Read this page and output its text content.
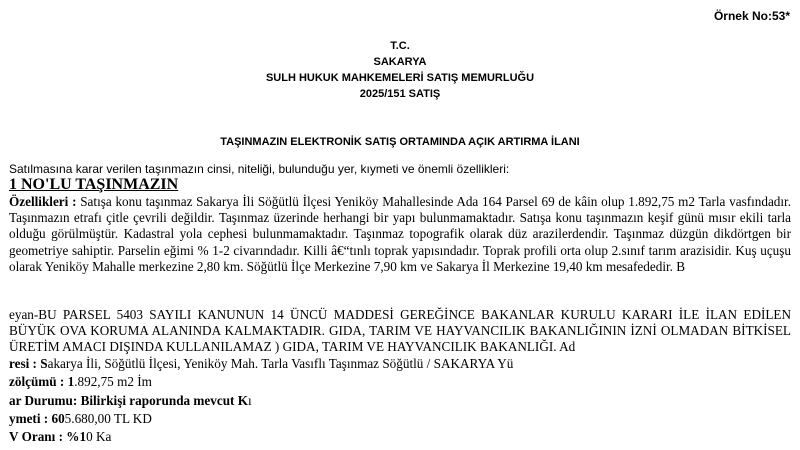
Örnek No:53*
T.C.
SAKARYA
SULH HUKUK MAHKEMELERİ SATIŞ MEMURLUĞU
2025/151 SATIŞ
TAŞINMAZIN ELEKTRONİK SATIŞ ORTAMINDA AÇIK ARTIRMA İLANI
Satılmasına karar verilen taşınmazın cinsi, niteliği, bulunduğu yer, kıymeti ve önemli özellikleri:
1 NO'LU TAŞINMAZIN
Özellikleri : Satışa konu taşınmaz Sakarya İli Söğütlü İlçesi Yeniköy Mahallesinde Ada 164 Parsel 69 de kâin olup 1.892,75 m2 Tarla vasfındadır. Taşınmazın etrafı çitle çevrili değildir. Taşınmaz üzerinde herhangi bir yapı bulunmamaktadır. Satışa konu taşınmazın keşif günü mısır ekili tarla olduğu görülmüştür. Kadastral yola cephesi bulunmamaktadır. Taşınmaz topografik olarak düz arazilerdendir. Taşınmaz düzgün dikdörtgen bir geometriye sahiptir. Parselin eğimi % 1-2 civarındadır. Killi â€“tınlı toprak yapısındadır. Toprak profili orta olup 2.sınıf tarım arazisidir. Kuş uçuşu olarak Yeniköy Mahalle merkezine 2,80 km. Söğütlü İlçe Merkezine 7,90 km ve Sakarya İl Merkezine 19,40 km mesafededir. B
eyan-BU PARSEL 5403 SAYILI KANUNUN 14 ÜNCÜ MADDESİ GEREĞİNCE BAKANLAR KURULU KARARI İLE İLAN EDİLEN BÜYÜK OVA KORUMA ALANINDA KALMAKTADIR. GIDA, TARIM VE HAYVANCILIK BAKANLIĞININ İZNİ OLMADAN BİTKİSEL ÜRETİM AMACI DIŞINDA KULLANILAMAZ ) GIDA, TARIM VE HAYVANCILIK BAKANLIĞI. Ad
resi : Sakarya İli, Söğütlü İlçesi, Yeniköy Mah. Tarla Vasıflı Taşınmaz Söğütlü / SAKARYA Yü
zölçümü : 1.892,75 m2 İm
ar Durumu: Bilirkişi raporunda mevcut Kı
ymeti : 605.680,00 TL KD
V Oranı : %10 Ka
